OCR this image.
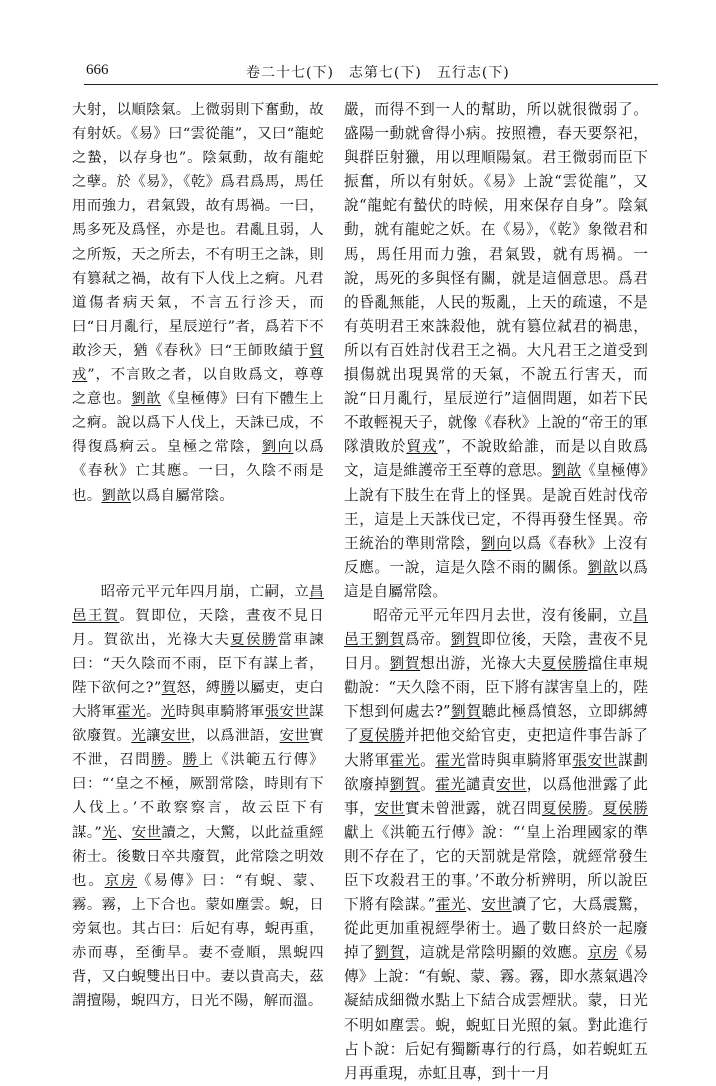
666	卷二十七(下)　志第七(下)　五行志(下)

大射，以順陰氣。上微弱則下奮動，故有射妖。《易》曰“雲從龍”，又曰“龍蛇之蟄，以存身也”。陰氣動，故有龍蛇之孽。於《易》，《乾》爲君爲馬，馬任用而強力，君氣毀，故有馬禍。一曰，馬多死及爲怪，亦是也。君亂且弱，人之所叛，天之所去，不有明王之誅，則有篡弒之禍，故有下人伐上之痾。凡君道傷者病天氣，不言五行沴天，而曰“日月亂行，星辰逆行”者，爲若下不敢沴天，猶《春秋》曰“王師敗績于貿戎”，不言敗之者，以自敗爲文，尊尊之意也。劉歆《皇極傳》曰有下體生上之痾。說以爲下人伐上，天誅已成，不得復爲痾云。皇極之常陰，劉向以爲《春秋》亡其應。一曰，久陰不雨是也。劉歆以爲自屬常陰。

昭帝元平元年四月崩，亡嗣，立昌邑王賀。賀即位，天陰，晝夜不見日月。賀欲出，光祿大夫夏侯勝當車諫曰：“天久陰而不雨，臣下有謀上者，陛下欲何之?”賀怒，縛勝以屬吏，吏白大將軍霍光。光時與車騎將軍張安世謀欲廢賀。光讓安世，以爲泄語，安世實不泄，召問勝。勝上《洪範五行傳》曰：“‘皇之不極，厥罰常陰，時則有下人伐上。’不敢察察言，故云臣下有謀。”光、安世讀之，大驚，以此益重經術士。後數日卒共廢賀，此常陰之明效也。京房《易傳》曰：“有蜺、蒙、霧。霧，上下合也。蒙如塵雲。蜺，日旁氣也。其占曰：后妃有專，蜺再重，赤而專，至衝旱。妻不壹順，黑蜺四背，又白蜺雙出日中。妻以貴高夫，茲謂擅陽，蜺四方，日光不陽，解而溫。

嚴，而得不到一人的幫助，所以就很微弱了。盛陽一動就會得小病。按照禮，春天要祭祀，與群臣射獵，用以理順陽氣。君王微弱而臣下振奮，所以有射妖。《易》上說“雲從龍”，又說“龍蛇有蟄伏的時候，用來保存自身”。陰氣動，就有龍蛇之妖。在《易》，《乾》象徵君和馬，馬任用而力強，君氣毀，就有馬禍。一說，馬死的多與怪有關，就是這個意思。爲君的昏亂無能，人民的叛亂，上天的疏遠，不是有英明君王來誅殺他，就有篡位弒君的禍患，所以有百姓討伐君王之禍。大凡君王之道受到損傷就出現異常的天氣，不說五行害天，而說“日月亂行，星辰逆行”這個問題，如若下民不敢輕視天子，就像《春秋》上說的“帝王的軍隊潰敗於貿戎”，不說敗給誰，而是以自敗爲文，這是維護帝王至尊的意思。劉歆《皇極傳》上說有下肢生在背上的怪異。是說百姓討伐帝王，這是上天誅伐已定，不得再發生怪異。帝王統治的準則常陰，劉向以爲《春秋》上沒有反應。一說，這是久陰不雨的關係。劉歆以爲這是自屬常陰。

昭帝元平元年四月去世，沒有後嗣，立昌邑王劉賀爲帝。劉賀即位後，天陰，晝夜不見日月。劉賀想出游，光祿大夫夏侯勝擋住車規勸說：“天久陰不雨，臣下將有謀害皇上的，陛下想到何處去?”劉賀聽此極爲憤怒，立即綁縛了夏侯勝并把他交給官吏，吏把這件事告訴了大將軍霍光。霍光當時與車騎將軍張安世謀劃欲廢掉劉賀。霍光譴責安世，以爲他泄露了此事，安世實未曾泄露，就召問夏侯勝。夏侯勝獻上《洪範五行傳》說：“‘皇上治理國家的準則不存在了，它的天罰就是常陰，就經常發生臣下攻殺君王的事。’不敢分析辨明，所以說臣下將有陰謀。”霍光、安世讀了它，大爲震驚，從此更加重視經學術士。過了數日終於一起廢掉了劉賀，這就是常陰明顯的效應。京房《易傳》上說：“有蜺、蒙、霧。霧，即水蒸氣遇冷凝結成細微水點上下結合成雲煙狀。蒙，日光不明如塵雲。蜺，蜺虹日光照的氣。對此進行占卜說：后妃有獨斷專行的行爲，如若蜺虹五月再重現，赤虹且專，到十一月
